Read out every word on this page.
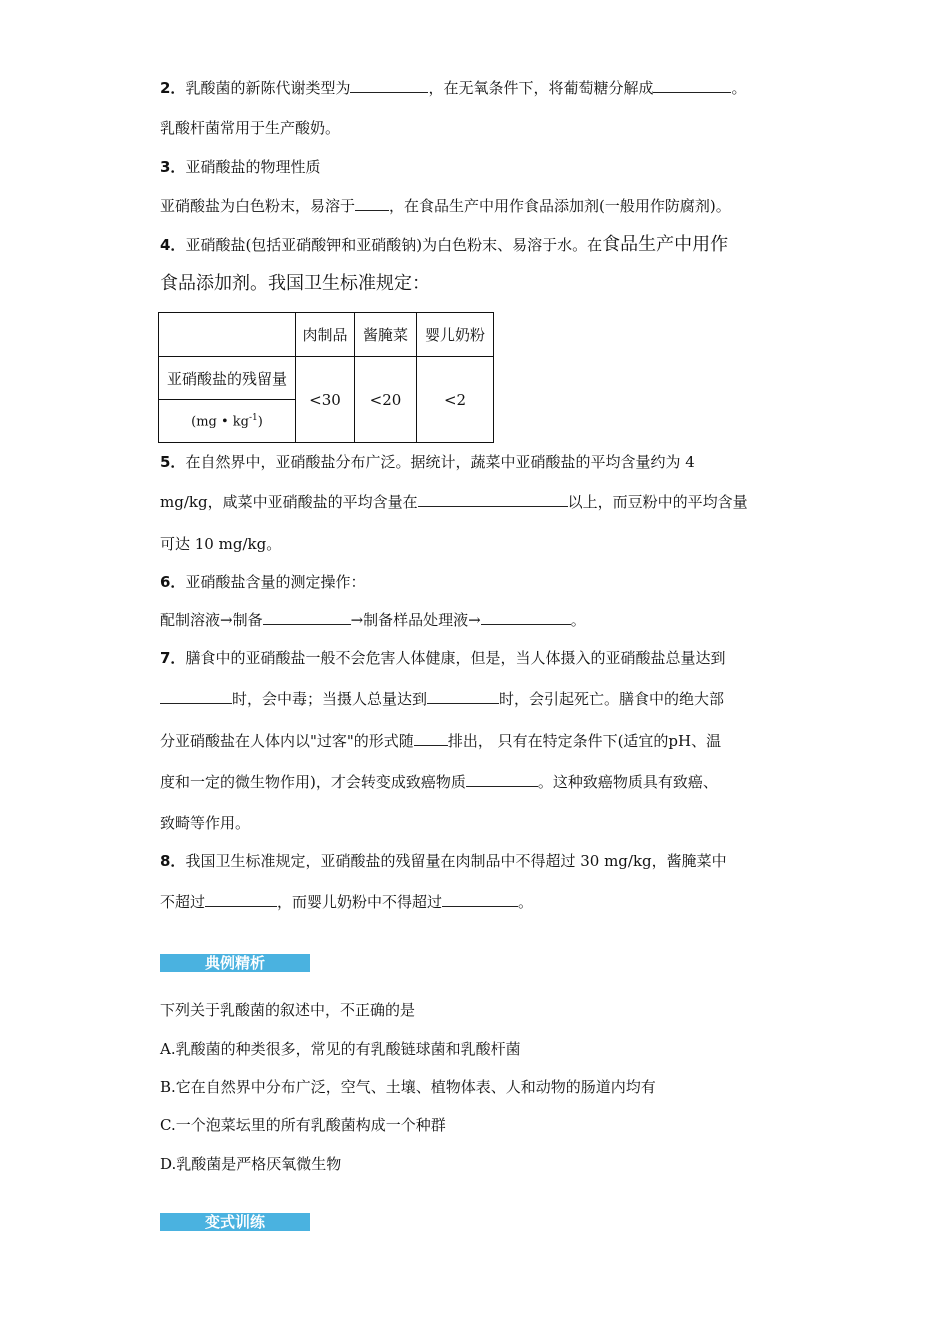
2．乳酸菌的新陈代谢类型为	，在无氧条件下，将葡萄糖分解成	。
乳酸杆菌常用于生产酸奶。
3．亚硝酸盐的物理性质
亚硝酸盐为白色粉末，易溶于 ，在食品生产中用作食品添加剂(一般用作防腐剂)。
4．亚硝酸盐(包括亚硝酸钾和亚硝酸钠)为白色粉末、易溶于水。在食品生产中用作
食品添加剂。我国卫生标准规定：
	肉制品	酱腌菜	婴儿奶粉
亚硝酸盐的残留量	<30	<20	<2
(mg • $kg^{-1}$)			
5．在自然界中，亚硝酸盐分布广泛。据统计，蔬菜中亚硝酸盐的平均含量约为 4
mg/kg，咸菜中亚硝酸盐的平均含量在	以上，而豆粉中的平均含量
可达 10 mg/kg。
6．亚硝酸盐含量的测定操作：
配制溶液→制备	→制备样品处理液→	。
7．膳食中的亚硝酸盐一般不会危害人体健康，但是，当人体摄入的亚硝酸盐总量达到
时，会中毒；当摄人总量达到	时，会引起死亡。膳食中的绝大部
分亚硝酸盐在人体内以"过客"的形式随 排出， 只有在特定条件下(适宜的pH、温
度和一定的微生物作用)，才会转变成致癌物质	。这种致癌物质具有致癌、
致畸等作用。
8．我国卫生标准规定，亚硝酸盐的残留量在肉制品中不得超过 30 mg/kg，酱腌菜中
不超过	，而婴儿奶粉中不得超过	。
典例精析
下列关于乳酸菌的叙述中，不正确的是
A.乳酸菌的种类很多，常见的有乳酸链球菌和乳酸杆菌
B.它在自然界中分布广泛，空气、土壤、植物体表、人和动物的肠道内均有
C.一个泡菜坛里的所有乳酸菌构成一个种群
D.乳酸菌是严格厌氧微生物
变式训练
